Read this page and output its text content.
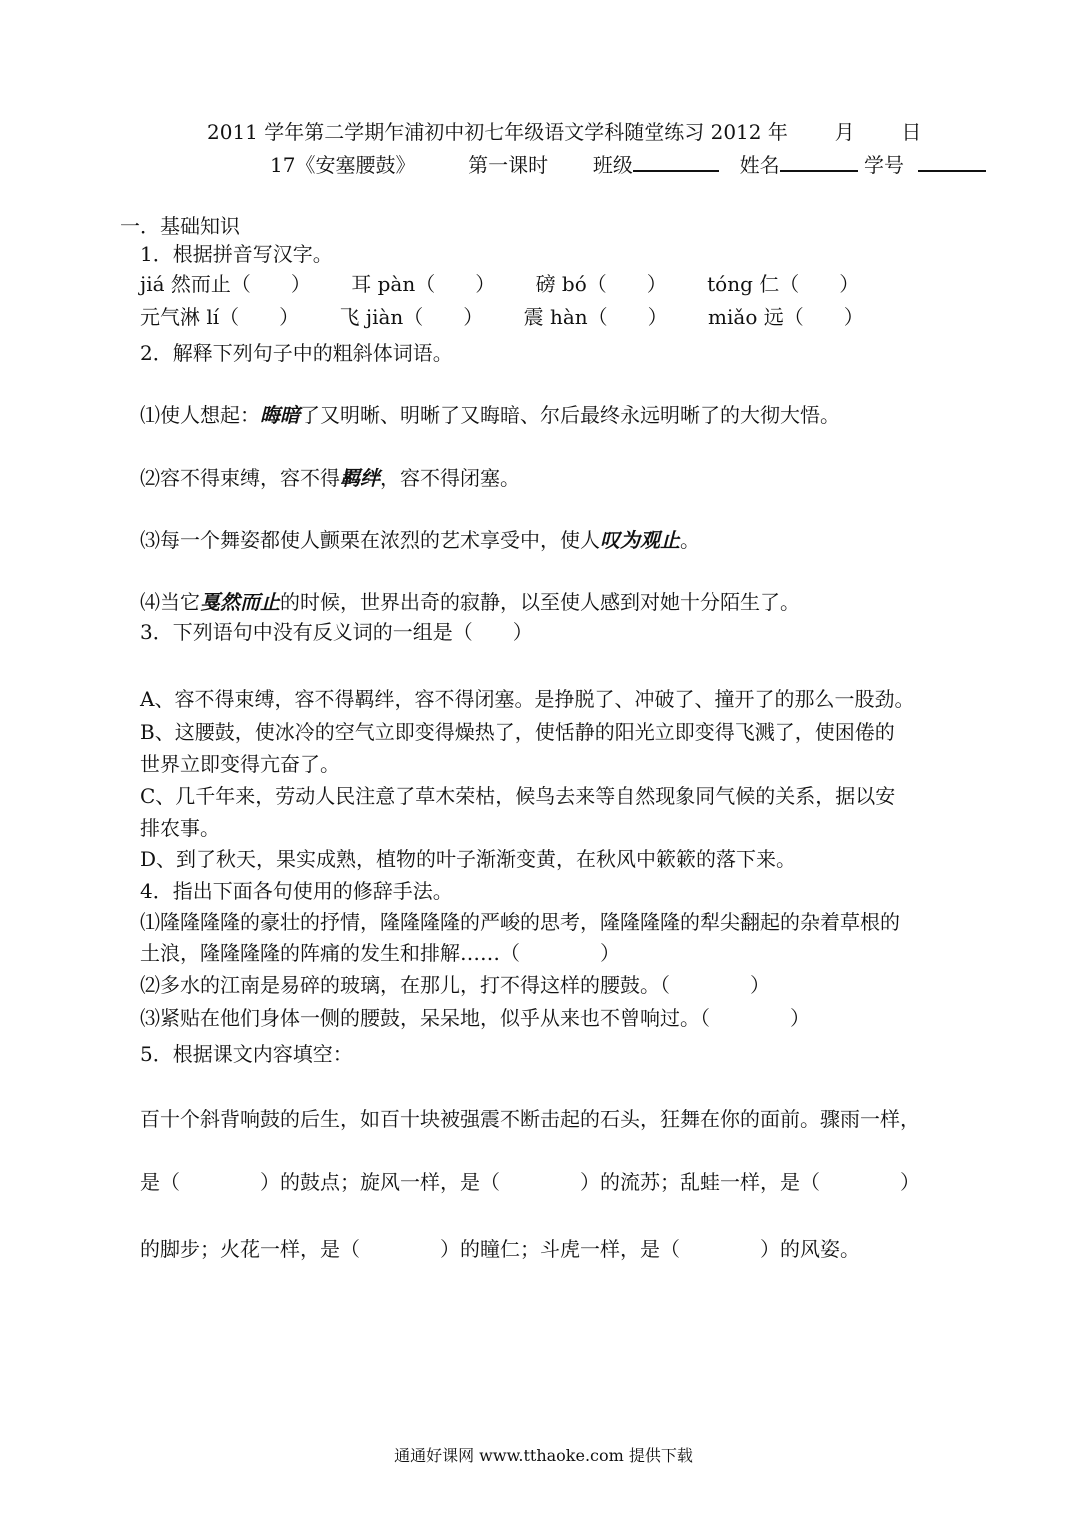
2011 学年第二学期乍浦初中初七年级语文学科随堂练习 2012 年 月 日
17《安塞腰鼓》	第一课时 班级	姓名	学号
一．基础知识
1．根据拼音写汉字。
jiá 然而止（　　） 耳 pàn（　　） 磅 bó（　　） tóng 仁（　　）
元气淋 lí（　　） 飞 jiàn（　　） 震 hàn（　　） miǎo 远（　　）
2．解释下列句子中的粗斜体词语。
⑴使人想起：晦暗了又明晰、明晰了又晦暗、尔后最终永远明晰了的大彻大悟。
⑵容不得束缚，容不得羁绊，容不得闭塞。
⑶每一个舞姿都使人颤栗在浓烈的艺术享受中，使人叹为观止。
⑷当它戛然而止的时候，世界出奇的寂静，以至使人感到对她十分陌生了。
3．下列语句中没有反义词的一组是（　　）
A、容不得束缚，容不得羁绊，容不得闭塞。是挣脱了、冲破了、撞开了的那么一股劲。
B、这腰鼓，使冰冷的空气立即变得燥热了，使恬静的阳光立即变得飞溅了，使困倦的
世界立即变得亢奋了。
C、几千年来，劳动人民注意了草木荣枯，候鸟去来等自然现象同气候的关系，据以安
排农事。
D、到了秋天，果实成熟，植物的叶子渐渐变黄，在秋风中簌簌的落下来。
4．指出下面各句使用的修辞手法。
⑴隆隆隆隆的豪壮的抒情，隆隆隆隆的严峻的思考，隆隆隆隆的犁尖翻起的杂着草根的
土浪，隆隆隆隆的阵痛的发生和排解……（　　　　）
⑵多水的江南是易碎的玻璃，在那儿，打不得这样的腰鼓。（　　　　）
⑶紧贴在他们身体一侧的腰鼓，呆呆地，似乎从来也不曾响过。（　　　　）
5．根据课文内容填空：
百十个斜背响鼓的后生，如百十块被强震不断击起的石头，狂舞在你的面前。骤雨一样，
是（　　　　）的鼓点；旋风一样，是（　　　　）的流苏；乱蛙一样，是（　　　　）
的脚步；火花一样，是（　　　　）的瞳仁；斗虎一样，是（　　　　）的风姿。
通通好课网 www.tthaoke.com 提供下载
